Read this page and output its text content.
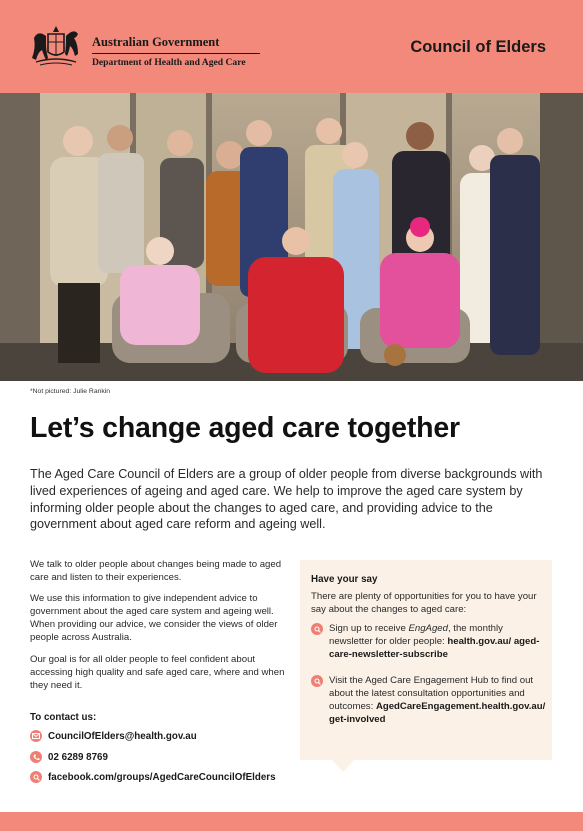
Australian Government
Department of Health and Aged Care
Council of Elders
*Not pictured: Julie Rankin
Let’s change aged care together
The Aged Care Council of Elders are a group of older people from diverse backgrounds with lived experiences of ageing and aged care. We help to improve the aged care system by informing older people about the changes to aged care, and providing advice to the government about aged care reform and ageing well.

We talk to older people about changes being made to aged care and listen to their experiences.

We use this information to give independent advice to government about the aged care system and ageing well. When providing our advice, we consider the views of older people across Australia.

Our goal is for all older people to feel confident about accessing high quality and safe aged care, where and when they need it.

To contact us:
CouncilOfElders@health.gov.au
02 6289 8769
facebook.com/groups/AgedCareCouncilOfElders
Have your say
There are plenty of opportunities for you to have your say about the changes to aged care:
Sign up to receive EngAged, the monthly newsletter for older people: health.gov.au/ aged-care-newsletter-subscribe
Visit the Aged Care Engagement Hub to find out about the latest consultation opportunities and outcomes: AgedCareEngagement.health.gov.au/ get-involved
